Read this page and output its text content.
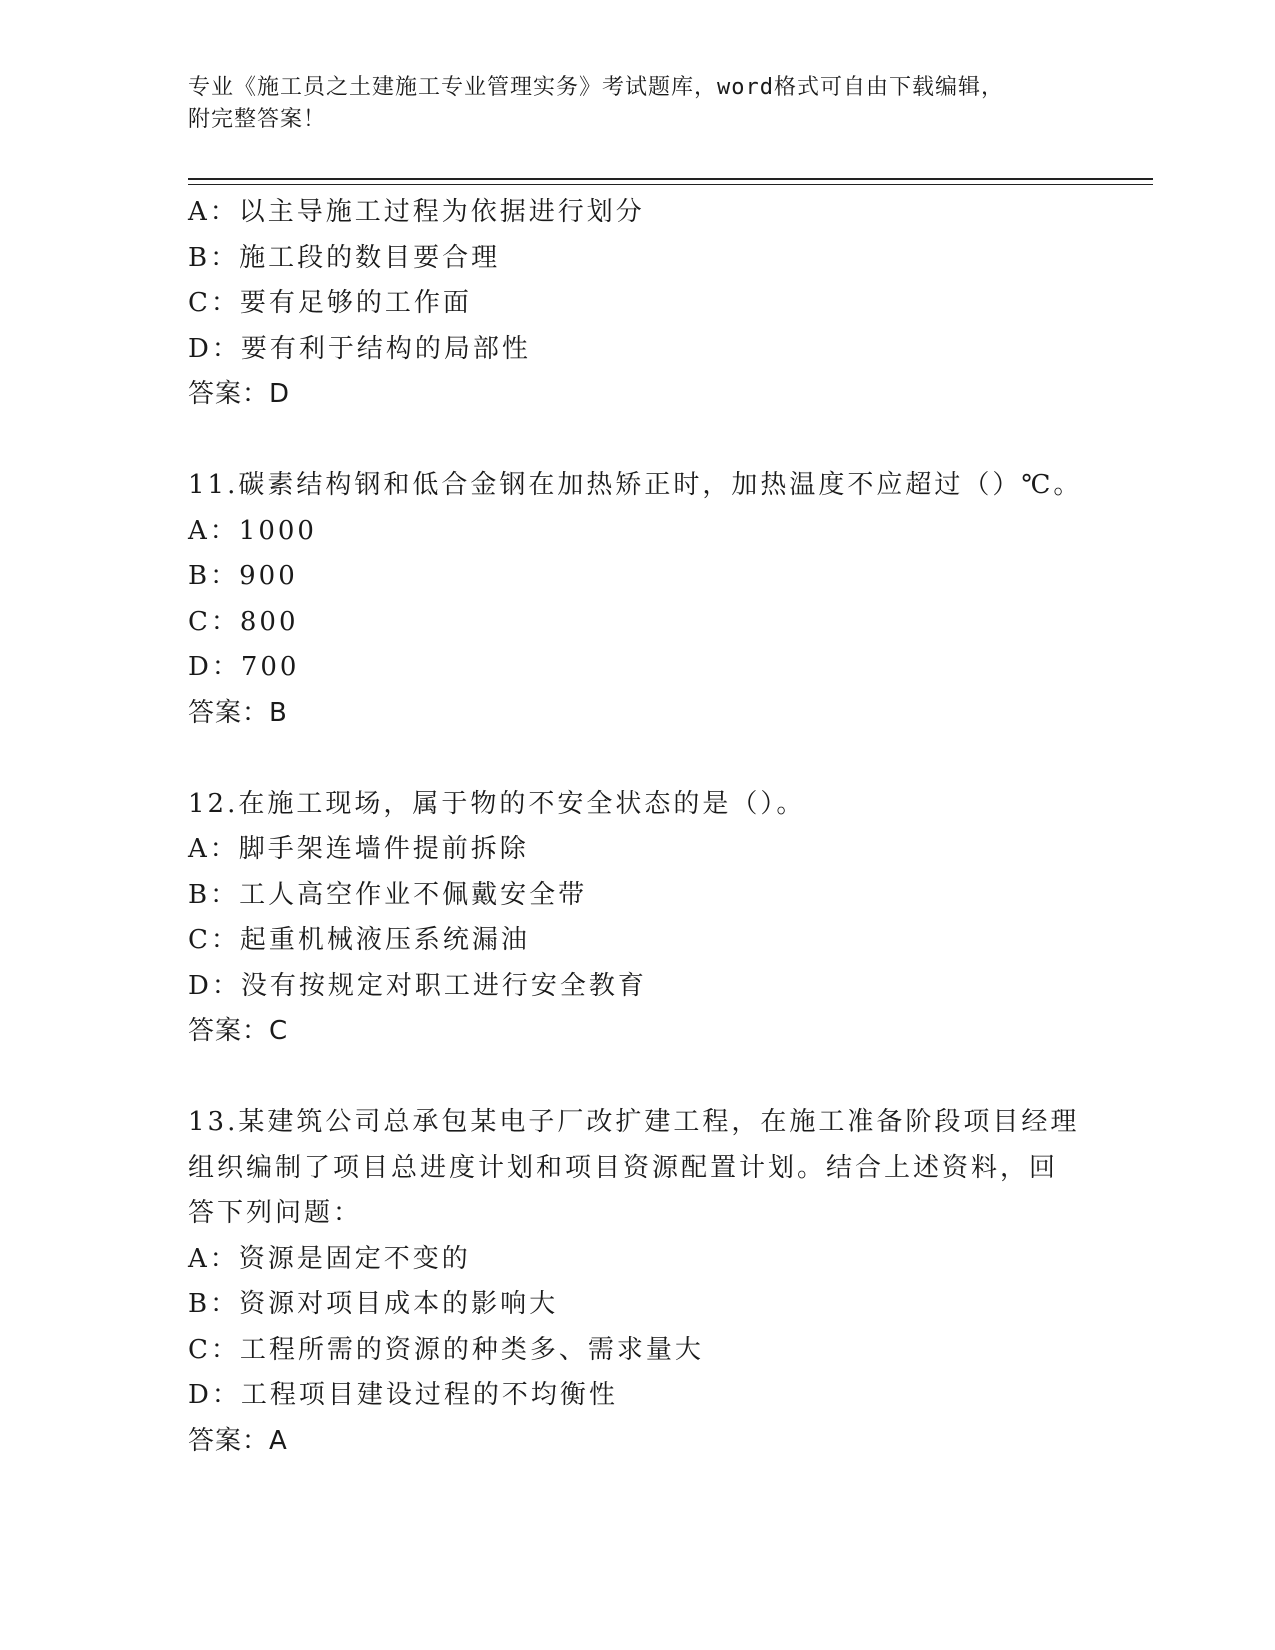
专业《施工员之土建施工专业管理实务》考试题库，word格式可自由下载编辑，
附完整答案！
A：以主导施工过程为依据进行划分
B：施工段的数目要合理
C：要有足够的工作面
D：要有利于结构的局部性
答案：D
11.碳素结构钢和低合金钢在加热矫正时，加热温度不应超过（）℃。
A：1000
B：900
C：800
D：700
答案：B
12.在施工现场，属于物的不安全状态的是（）。
A：脚手架连墙件提前拆除
B：工人高空作业不佩戴安全带
C：起重机械液压系统漏油
D：没有按规定对职工进行安全教育
答案：C
13.某建筑公司总承包某电子厂改扩建工程，在施工准备阶段项目经理
组织编制了项目总进度计划和项目资源配置计划。结合上述资料，回
答下列问题：
A：资源是固定不变的
B：资源对项目成本的影响大
C：工程所需的资源的种类多、需求量大
D：工程项目建设过程的不均衡性
答案：A
